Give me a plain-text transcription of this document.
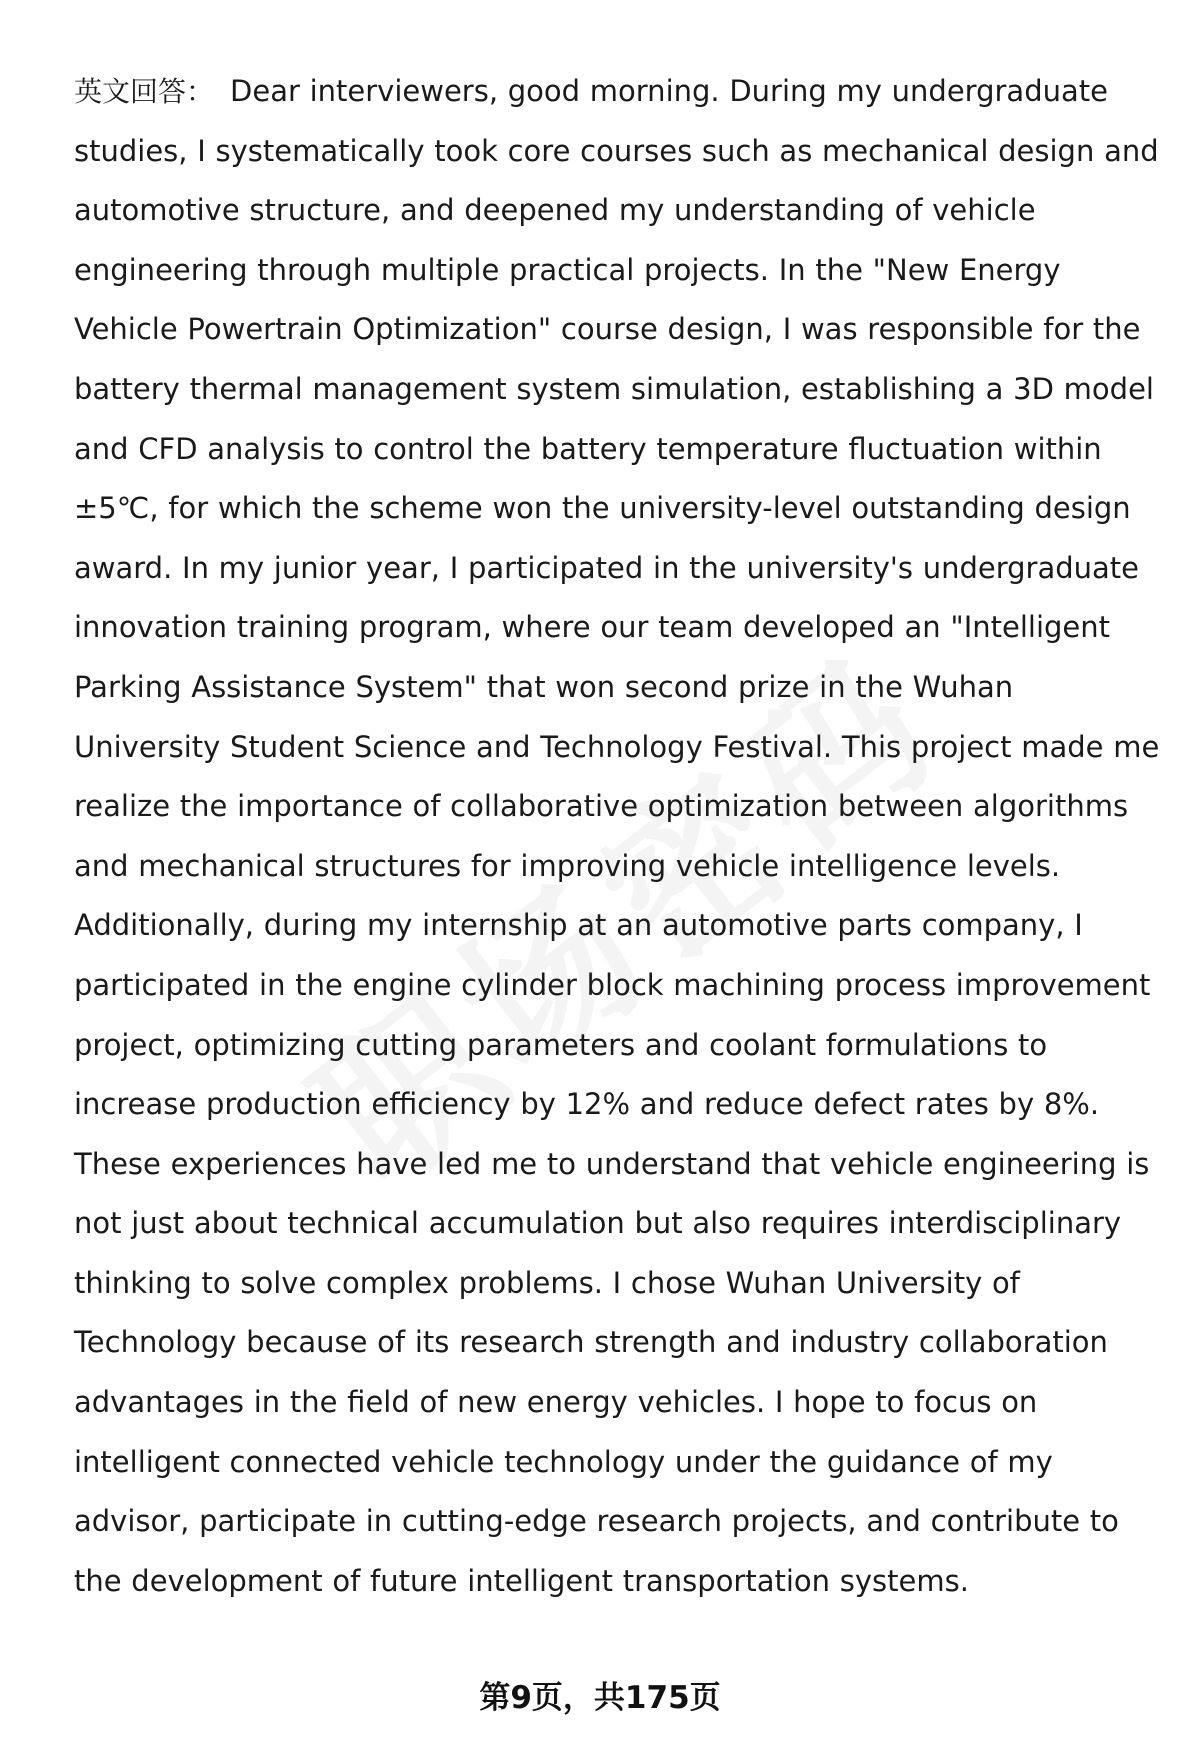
英文回答： Dear interviewers, good morning. During my undergraduate studies, I systematically took core courses such as mechanical design and automotive structure, and deepened my understanding of vehicle engineering through multiple practical projects. In the "New Energy Vehicle Powertrain Optimization" course design, I was responsible for the battery thermal management system simulation, establishing a 3D model and CFD analysis to control the battery temperature fluctuation within ±5℃, for which the scheme won the university-level outstanding design award. In my junior year, I participated in the university's undergraduate innovation training program, where our team developed an "Intelligent Parking Assistance System" that won second prize in the Wuhan University Student Science and Technology Festival. This project made me realize the importance of collaborative optimization between algorithms and mechanical structures for improving vehicle intelligence levels. Additionally, during my internship at an automotive parts company, I participated in the engine cylinder block machining process improvement project, optimizing cutting parameters and coolant formulations to increase production efficiency by 12% and reduce defect rates by 8%. These experiences have led me to understand that vehicle engineering is not just about technical accumulation but also requires interdisciplinary thinking to solve complex problems. I chose Wuhan University of Technology because of its research strength and industry collaboration advantages in the field of new energy vehicles. I hope to focus on intelligent connected vehicle technology under the guidance of my advisor, participate in cutting-edge research projects, and contribute to the development of future intelligent transportation systems.

第9页，共175页
